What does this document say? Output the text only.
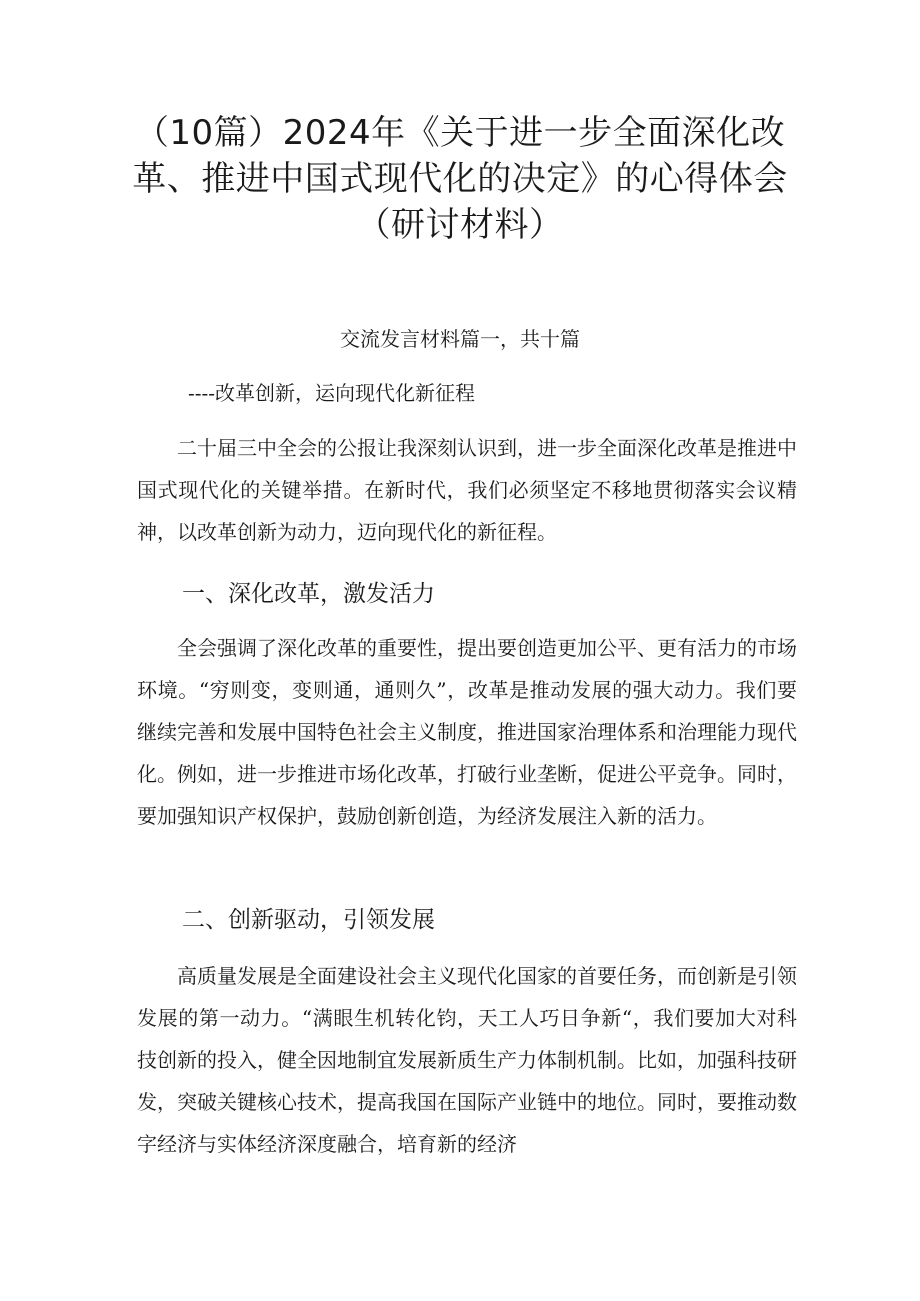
（10篇）2024年《关于进一步全面深化改革、推进中国式现代化的决定》的心得体会（研讨材料）

交流发言材料篇一，共十篇

----改革创新，运向现代化新征程

二十届三中全会的公报让我深刻认识到，进一步全面深化改革是推进中国式现代化的关键举措。在新时代，我们必须坚定不移地贯彻落实会议精神，以改革创新为动力，迈向现代化的新征程。

一、深化改革，激发活力

全会强调了深化改革的重要性，提出要创造更加公平、更有活力的市场环境。“穷则变，变则通，通则久”，改革是推动发展的强大动力。我们要继续完善和发展中国特色社会主义制度，推进国家治理体系和治理能力现代化。例如，进一步推进市场化改革，打破行业垄断，促进公平竞争。同时，要加强知识产权保护，鼓励创新创造，为经济发展注入新的活力。

二、创新驱动，引领发展

高质量发展是全面建设社会主义现代化国家的首要任务，而创新是引领发展的第一动力。“满眼生机转化钧，天工人巧日争新“，我们要加大对科技创新的投入，健全因地制宜发展新质生产力体制机制。比如，加强科技研发，突破关键核心技术，提高我国在国际产业链中的地位。同时，要推动数字经济与实体经济深度融合，培育新的经济
